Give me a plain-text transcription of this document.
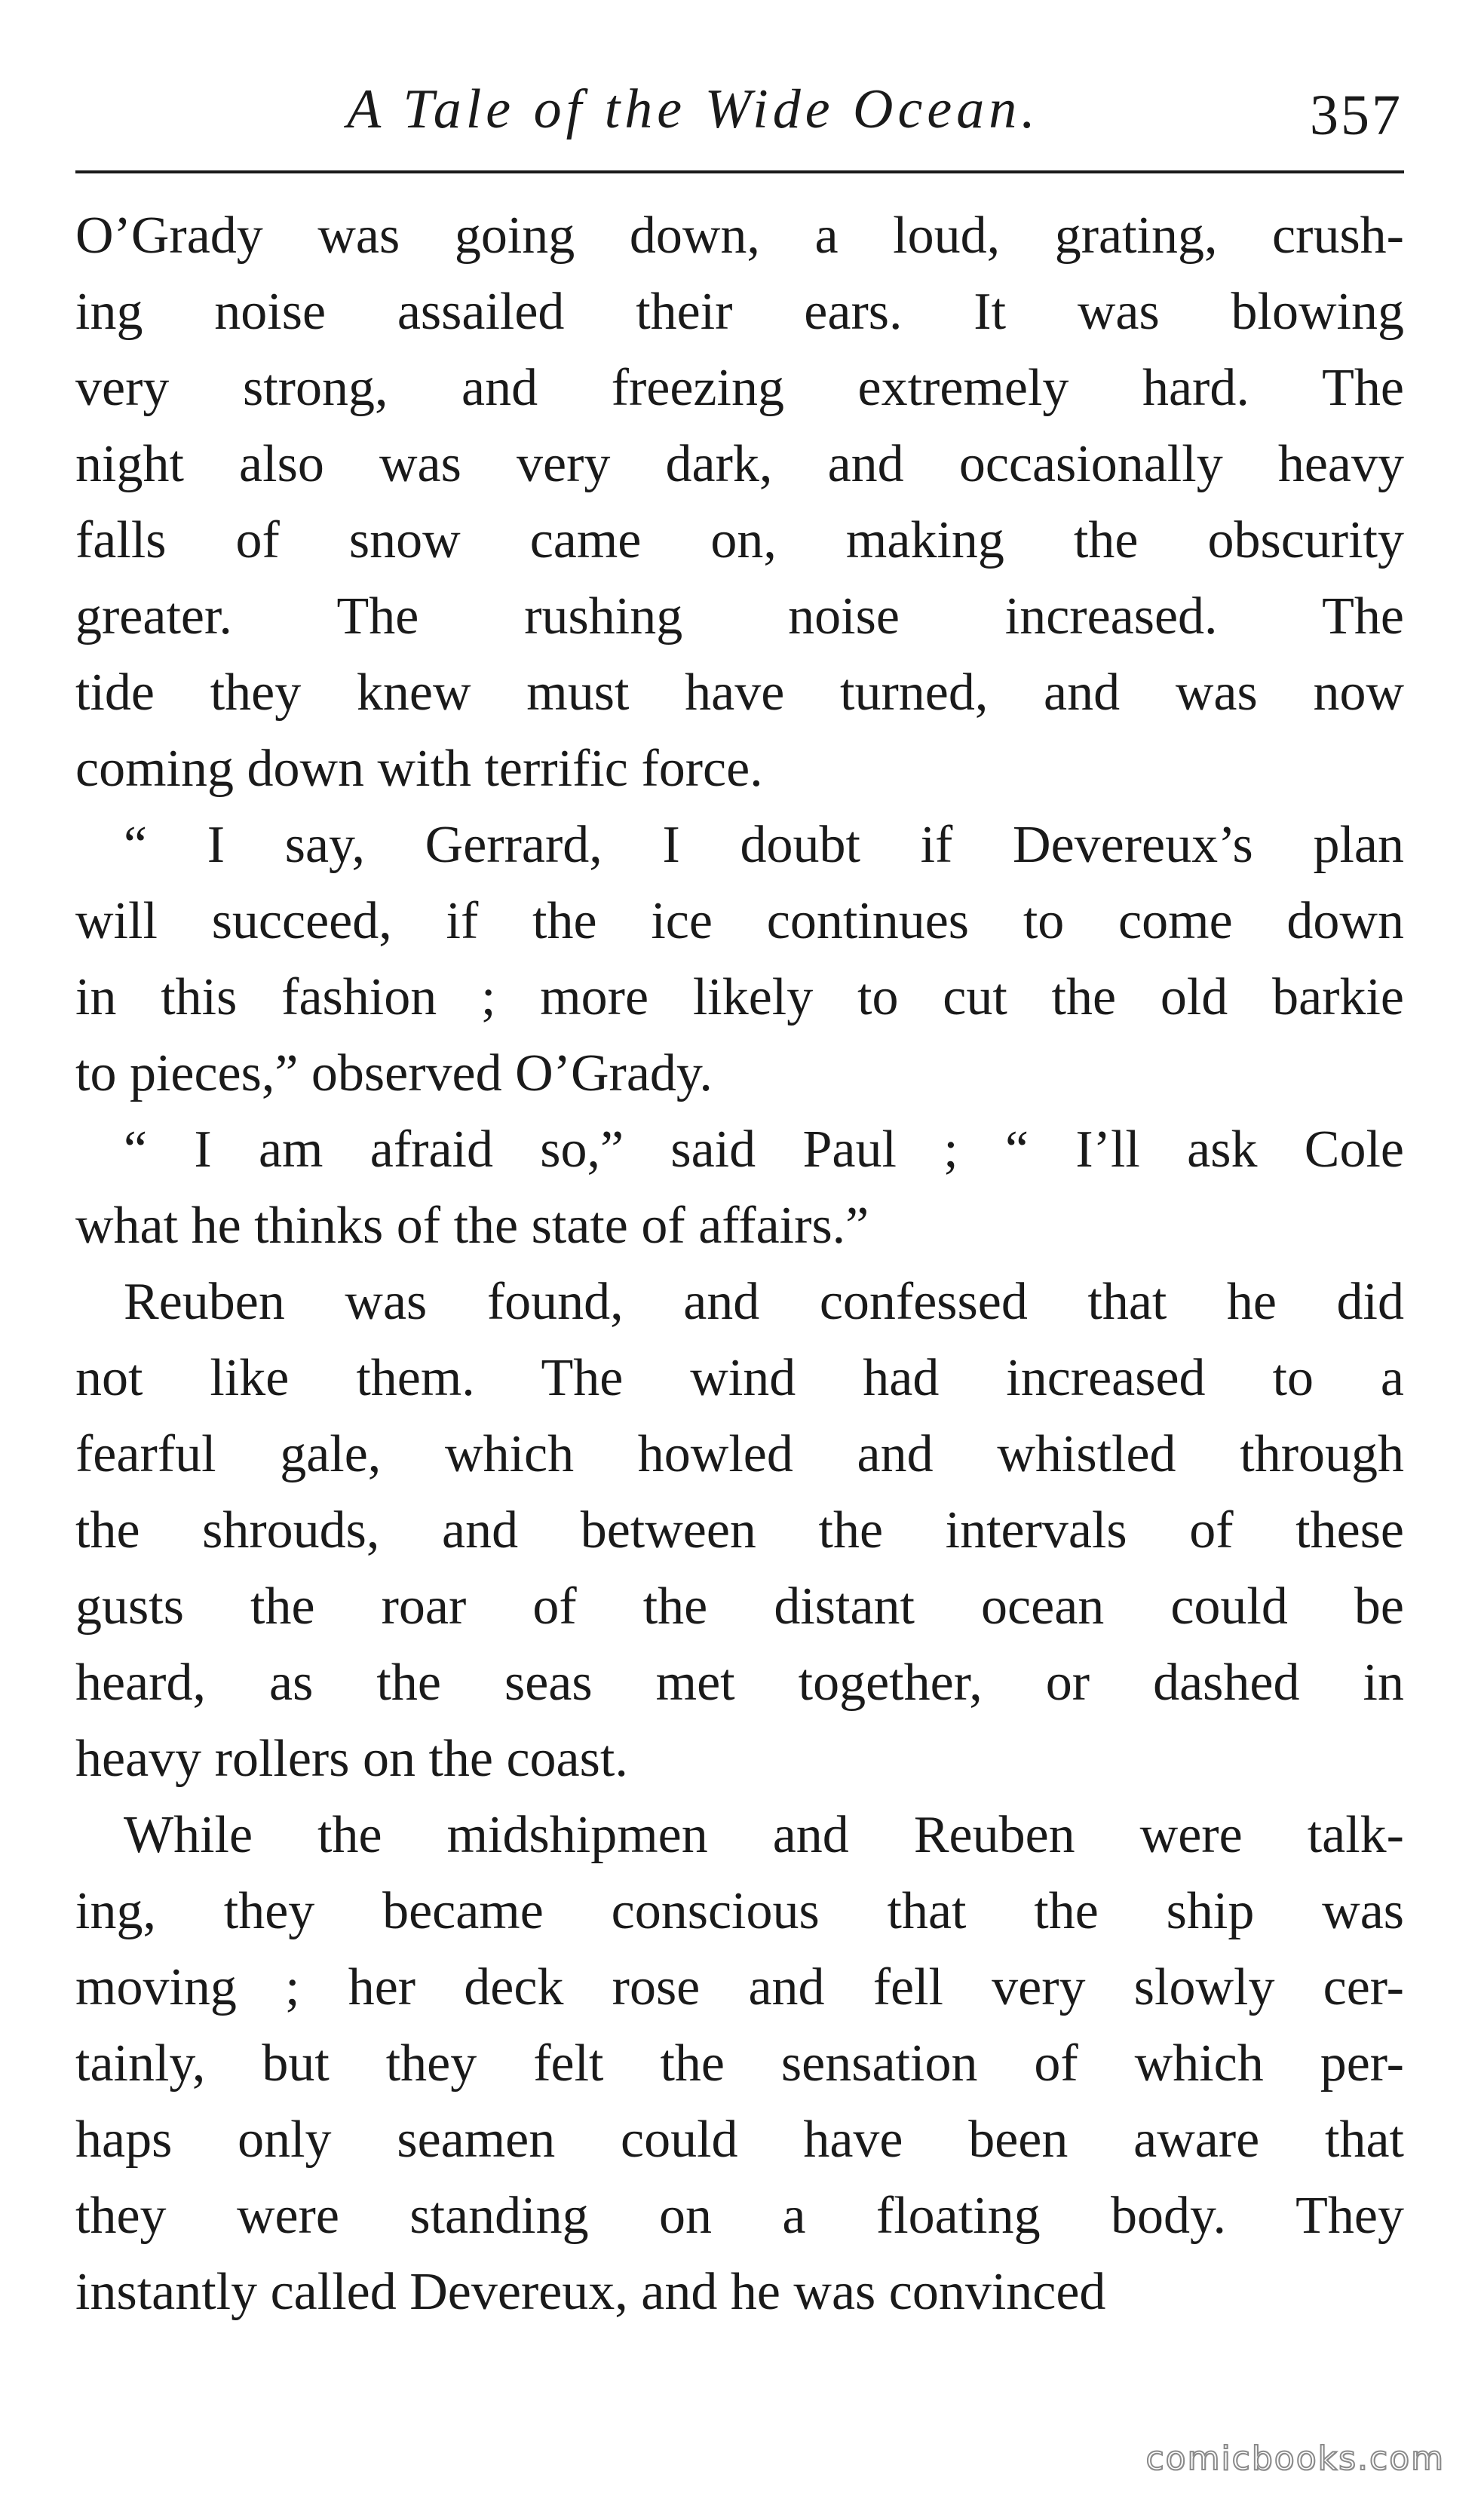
A Tale of the Wide Ocean.	357
O’Grady was going down, a loud, grating, crush-
ing noise assailed their ears. It was blowing
very strong, and freezing extremely hard. The
night also was very dark, and occasionally heavy
falls of snow came on, making the obscurity
greater. The rushing noise increased. The
tide they knew must have turned, and was now
coming down with terrific force.
“ I say, Gerrard, I doubt if Devereux’s plan
will succeed, if the ice continues to come down
in this fashion ; more likely to cut the old barkie
to pieces,” observed O’Grady.
“ I am afraid so,” said Paul ; “ I’ll ask Cole
what he thinks of the state of affairs.”
Reuben was found, and confessed that he did
not like them. The wind had increased to a
fearful gale, which howled and whistled through
the shrouds, and between the intervals of these
gusts the roar of the distant ocean could be
heard, as the seas met together, or dashed in
heavy rollers on the coast.
While the midshipmen and Reuben were talk-
ing, they became conscious that the ship was
moving ; her deck rose and fell very slowly cer-
tainly, but they felt the sensation of which per-
haps only seamen could have been aware that
they were standing on a floating body. They
instantly called Devereux, and he was convinced
comicbooks.com
